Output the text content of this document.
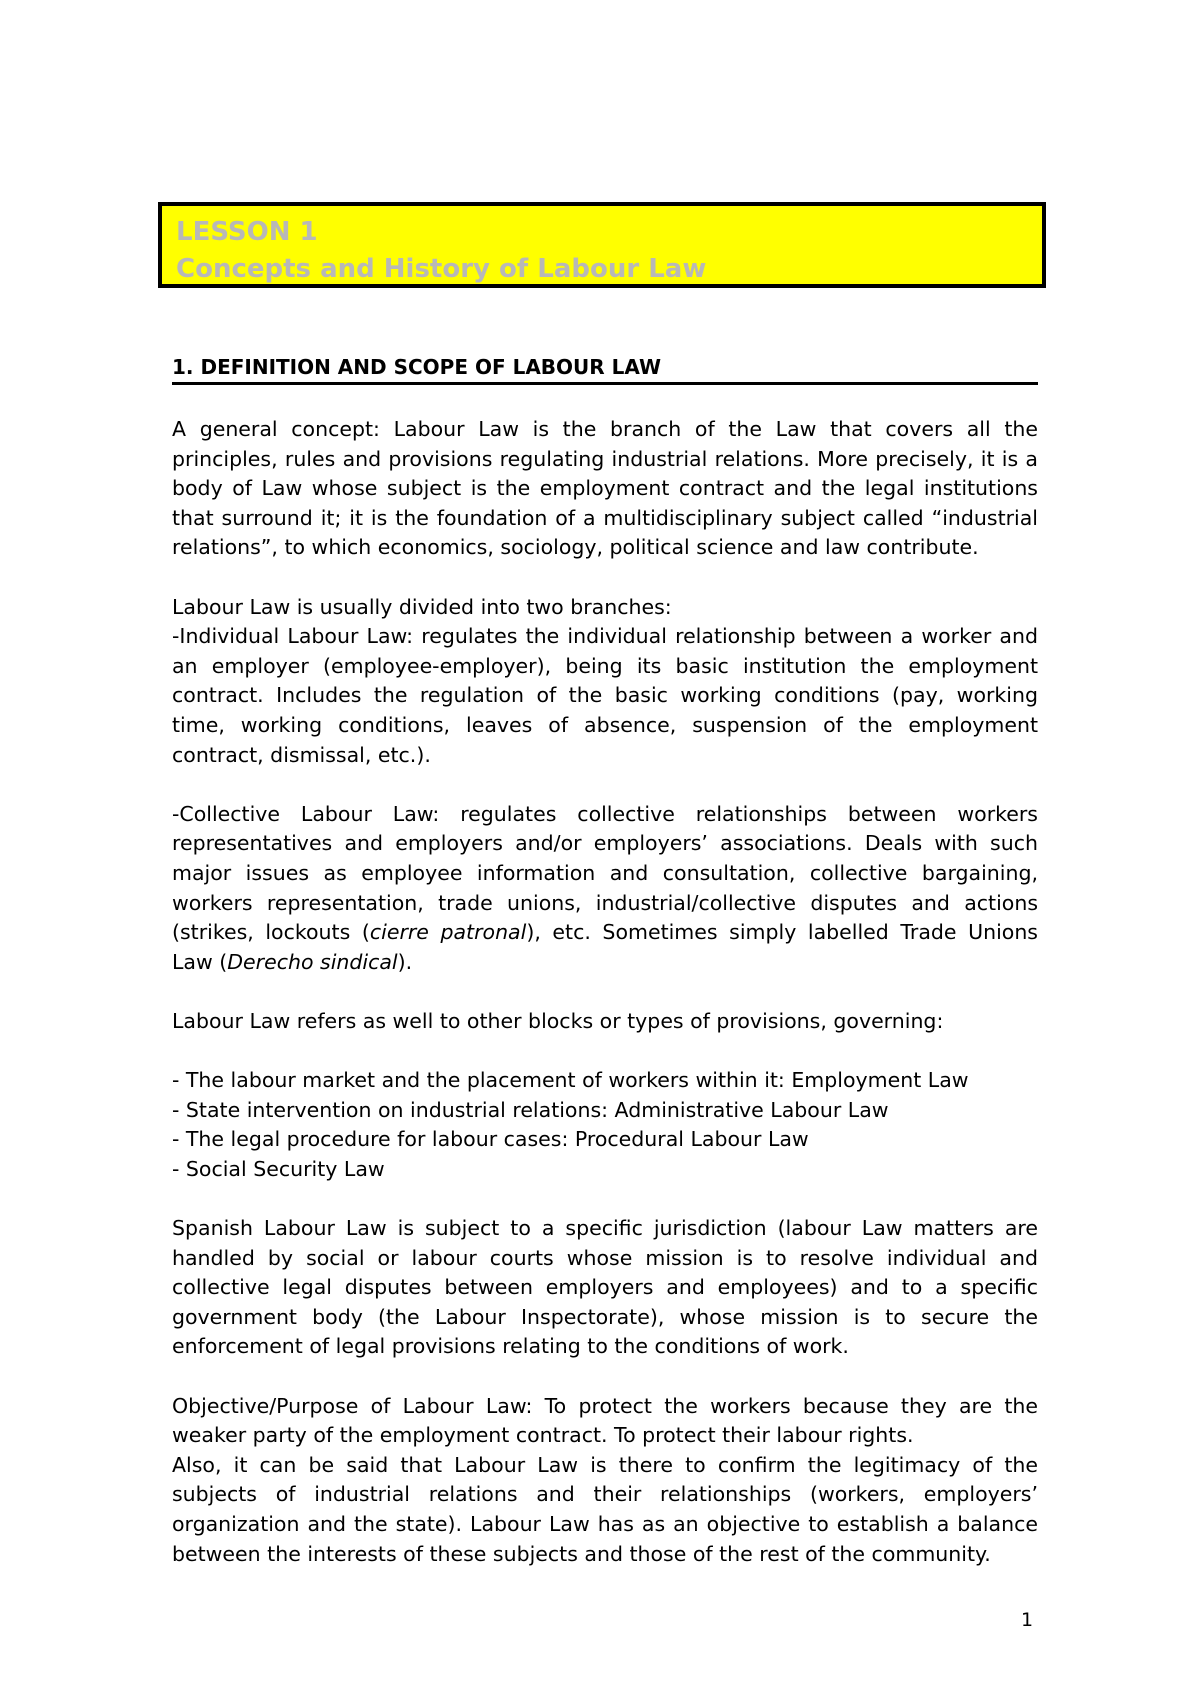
LESSON 1
Concepts and History of Labour Law
1. DEFINITION AND SCOPE OF LABOUR LAW

A general concept: Labour Law is the branch of the Law that covers all the principles, rules and provisions regulating industrial relations. More precisely, it is a body of Law whose subject is the employment contract and the legal institutions that surround it; it is the foundation of a multidisciplinary subject called “industrial relations”, to which economics, sociology, political science and law contribute.

Labour Law is usually divided into two branches:

-Individual Labour Law: regulates the individual relationship between a worker and an employer (employee-employer), being its basic institution the employment contract. Includes the regulation of the basic working conditions (pay, working time, working conditions, leaves of absence, suspension of the employment contract, dismissal, etc.).

-Collective Labour Law: regulates collective relationships between workers representatives and employers and/or employers’ associations. Deals with such major issues as employee information and consultation, collective bargaining, workers representation, trade unions, industrial/collective disputes and actions (strikes, lockouts (cierre patronal), etc. Sometimes simply labelled Trade Unions Law (Derecho sindical).

Labour Law refers as well to other blocks or types of provisions, governing:

- The labour market and the placement of workers within it: Employment Law
- State intervention on industrial relations: Administrative Labour Law
- The legal procedure for labour cases: Procedural Labour Law
- Social Security Law

Spanish Labour Law is subject to a specific jurisdiction (labour Law matters are handled by social or labour courts whose mission is to resolve individual and collective legal disputes between employers and employees) and to a specific government body (the Labour Inspectorate), whose mission is to secure the enforcement of legal provisions relating to the conditions of work.

Objective/Purpose of Labour Law: To protect the workers because they are the weaker party of the employment contract. To protect their labour rights.

Also, it can be said that Labour Law is there to confirm the legitimacy of the subjects of industrial relations and their relationships (workers, employers’ organization and the state). Labour Law has as an objective to establish a balance between the interests of these subjects and those of the rest of the community.

1
